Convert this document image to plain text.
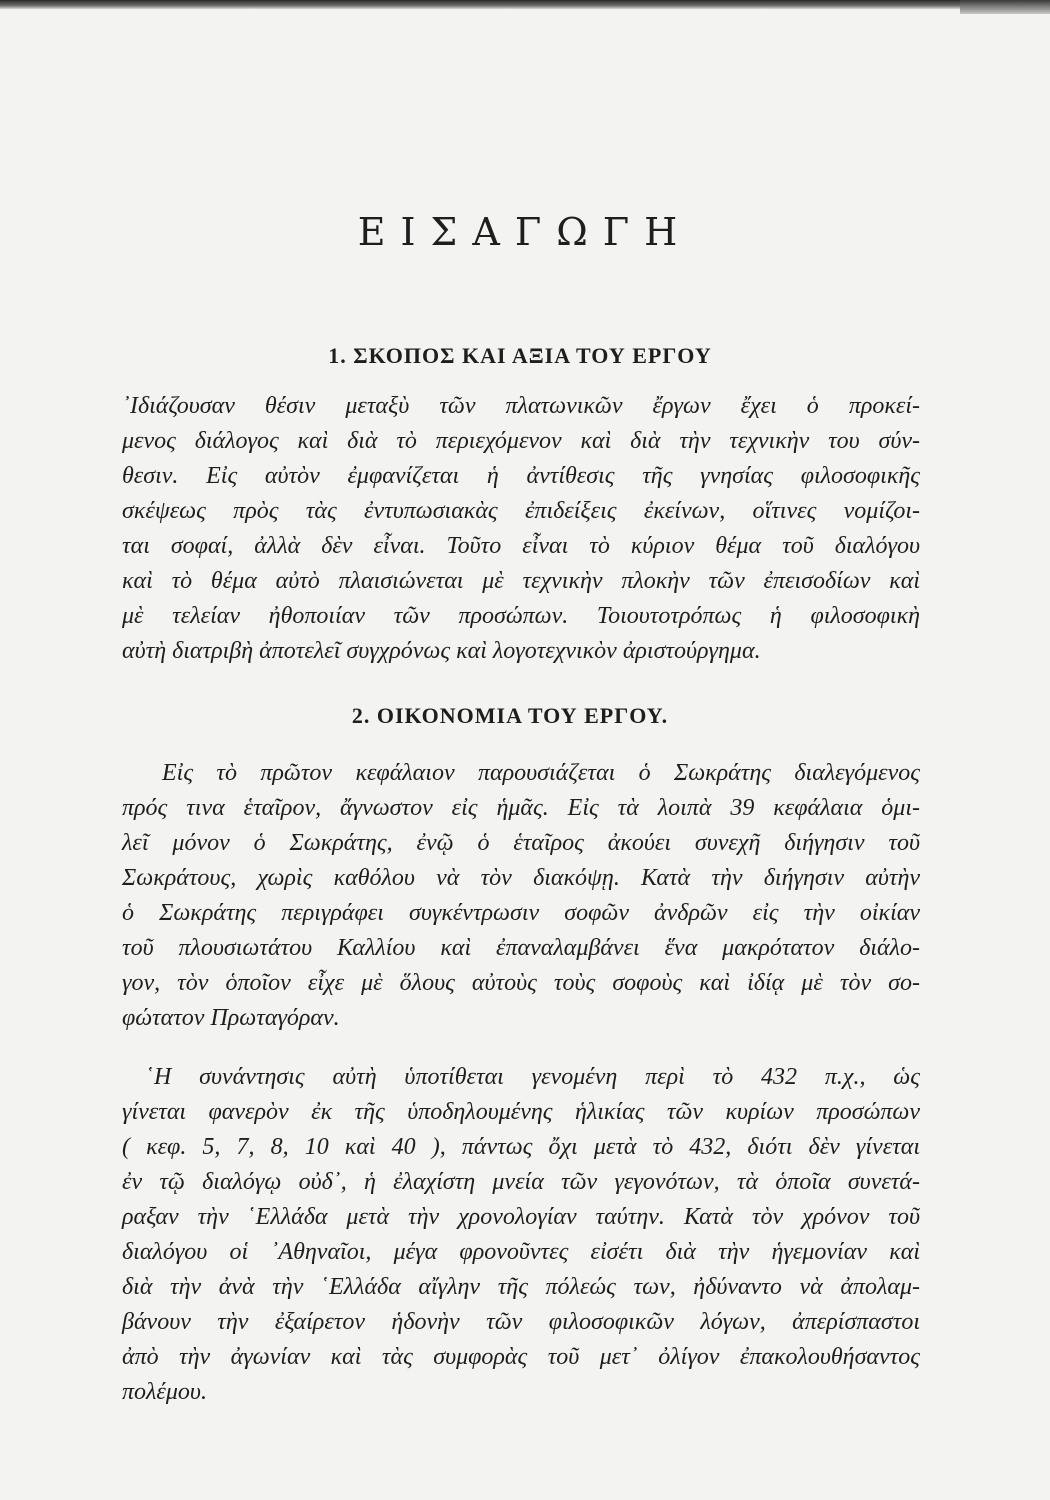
ΕΙΣΑΓΩΓΗ
1. ΣΚΟΠΟΣ ΚΑΙ ΑΞΙΑ ΤΟΥ ΕΡΓΟΥ

᾿Ιδιάζουσαν θέσιν μεταξὺ τῶν πλατωνικῶν ἔργων ἔχει ὁ προκεί-
μενος διάλογος καὶ διὰ τὸ περιεχόμενον καὶ διὰ τὴν τεχνικὴν του σύν-
θεσιν. Εἰς αὐτὸν ἐμφανίζεται ἡ ἀντίθεσις τῆς γνησίας φιλοσοφικῆς
σκέψεως πρὸς τὰς ἐντυπωσιακὰς ἐπιδείξεις ἐκείνων, οἵτινες νομίζοι-
ται σοφαί, ἀλλὰ δὲν εἶναι. Τοῦτο εἶναι τὸ κύριον θέμα τοῦ διαλόγου
καὶ τὸ θέμα αὐτὸ πλαισιώνεται μὲ τεχνικὴν πλοκὴν τῶν ἐπεισοδίων καὶ
μὲ τελείαν ἠθοποιίαν τῶν προσώπων. Τοιουτοτρόπως ἡ φιλοσοφικὴ
αὐτὴ διατριβὴ ἀποτελεῖ συγχρόνως καὶ λογοτεχνικὸν ἀριστούργημα.

2. ΟΙΚΟΝΟΜΙΑ ΤΟΥ ΕΡΓΟΥ.

Εἰς τὸ πρῶτον κεφάλαιον παρουσιάζεται ὁ Σωκράτης διαλεγόμενος
πρός τινα ἑταῖρον, ἄγνωστον εἰς ἡμᾶς. Εἰς τὰ λοιπὰ 39 κεφάλαια ὁμι-
λεῖ μόνον ὁ Σωκράτης, ἐνῷ ὁ ἑταῖρος ἀκούει συνεχῆ διήγησιν τοῦ
Σωκράτους, χωρὶς καθόλου νὰ τὸν διακόψῃ. Κατὰ τὴν διήγησιν αὐτὴν
ὁ Σωκράτης περιγράφει συγκέντρωσιν σοφῶν ἀνδρῶν εἰς τὴν οἰκίαν
τοῦ πλουσιωτάτου Καλλίου καὶ ἐπαναλαμβάνει ἕνα μακρότατον διάλο-
γον, τὸν ὁποῖον εἶχε μὲ ὅλους αὐτοὺς τοὺς σοφοὺς καὶ ἰδίᾳ μὲ τὸν σο-
φώτατον Πρωταγόραν.

῾Η συνάντησις αὐτὴ ὑποτίθεται γενομένη περὶ τὸ 432 π.χ., ὡς
γίνεται φανερὸν ἐκ τῆς ὑποδηλουμένης ἡλικίας τῶν κυρίων προσώπων
( κεφ. 5, 7, 8, 10 καὶ 40 ), πάντως ὄχι μετὰ τὸ 432, διότι δὲν γίνεται
ἐν τῷ διαλόγῳ οὐδ᾿, ἡ ἐλαχίστη μνεία τῶν γεγονότων, τὰ ὁποῖα συνετά-
ραξαν τὴν ῾Ελλάδα μετὰ τὴν χρονολογίαν ταύτην. Κατὰ τὸν χρόνον τοῦ
διαλόγου οἱ ᾿Αθηναῖοι, μέγα φρονοῦντες εἰσέτι διὰ τὴν ἡγεμονίαν καὶ
διὰ τὴν ἀνὰ τὴν ῾Ελλάδα αἴγλην τῆς πόλεώς των, ἠδύναντο νὰ ἀπολαμ-
βάνουν τὴν ἐξαίρετον ἡδονὴν τῶν φιλοσοφικῶν λόγων, ἀπερίσπαστοι
ἀπὸ τὴν ἀγωνίαν καὶ τὰς συμφορὰς τοῦ μετ᾿ ὀλίγον ἐπακολουθήσαντος
πολέμου.
